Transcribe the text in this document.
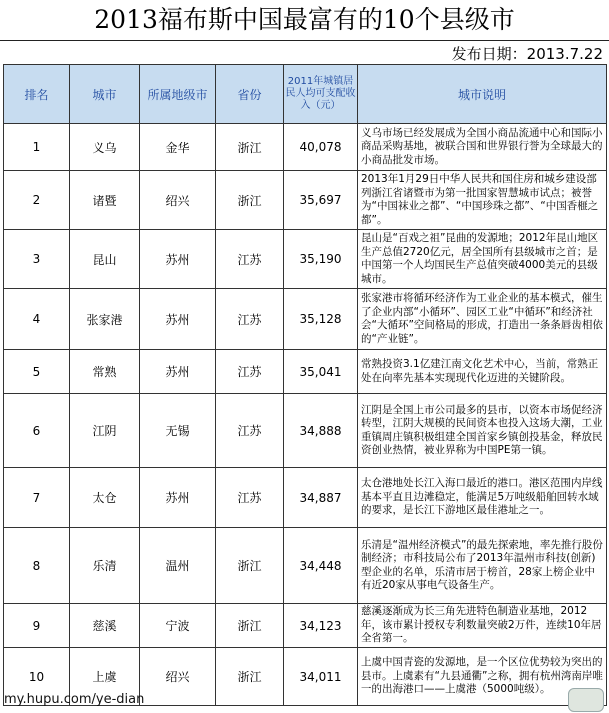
2013福布斯中国最富有的10个县级市
发布日期：2013.7.22
排名	城市	所属地级市	省份	2011年城镇居民人均可支配收入（元）	城市说明
1	义乌	金华	浙江	40,078	义乌市场已经发展成为全国小商品流通中心和国际小商品采购基地，被联合国和世界银行誉为全球最大的小商品批发市场。
2	诸暨	绍兴	浙江	35,697	2013年1月29日中华人民共和国住房和城乡建设部列浙江省诸暨市为第一批国家智慧城市试点；被誉为“中国袜业之都”、“中国珍珠之都”、“中国香榧之都”。
3	昆山	苏州	江苏	35,190	昆山是“百戏之祖”昆曲的发源地；2012年昆山地区生产总值2720亿元，居全国所有县级城市之首；是中国第一个人均国民生产总值突破4000美元的县级城市。
4	张家港	苏州	江苏	35,128	张家港市将循环经济作为工业企业的基本模式，催生了企业内部“小循环”、园区工业“中循环”和经济社会“大循环”空间格局的形成，打造出一条条唇齿相依的“产业链”。
5	常熟	苏州	江苏	35,041	常熟投资3.1亿建江南文化艺术中心，当前，常熟正处在向率先基本实现现代化迈进的关键阶段。
6	江阴	无锡	江苏	34,888	江阴是全国上市公司最多的县市，以资本市场促经济转型，江阴大规模的民间资本也投入这场大潮，工业重镇周庄镇积极组建全国首家乡镇创投基金，释放民资创业热情，被业界称为中国PE第一镇。
7	太仓	苏州	江苏	34,887	太仓港地处长江入海口最近的港口。港区范围内岸线基本平直且边滩稳定，能满足5万吨级船舶回转水域的要求，是长江下游地区最佳港址之一。
8	乐清	温州	浙江	34,448	乐清是“温州经济模式”的最先探索地，率先推行股份制经济；市科技局公布了2013年温州市科技(创新)型企业的名单，乐清市居于榜首，28家上榜企业中有近20家从事电气设备生产。
9	慈溪	宁波	浙江	34,123	慈溪逐渐成为长三角先进特色制造业基地，2012年，该市累计授权专利数量突破2万件，连续10年居全省第一。
10	上虞	绍兴	浙江	34,011	上虞中国青瓷的发源地，是一个区位优势较为突出的县市。上虞素有“九县通衢”之称，拥有杭州湾南岸唯一的出海港口——上虞港（5000吨级）。
my.hupu.com/ye-dian
